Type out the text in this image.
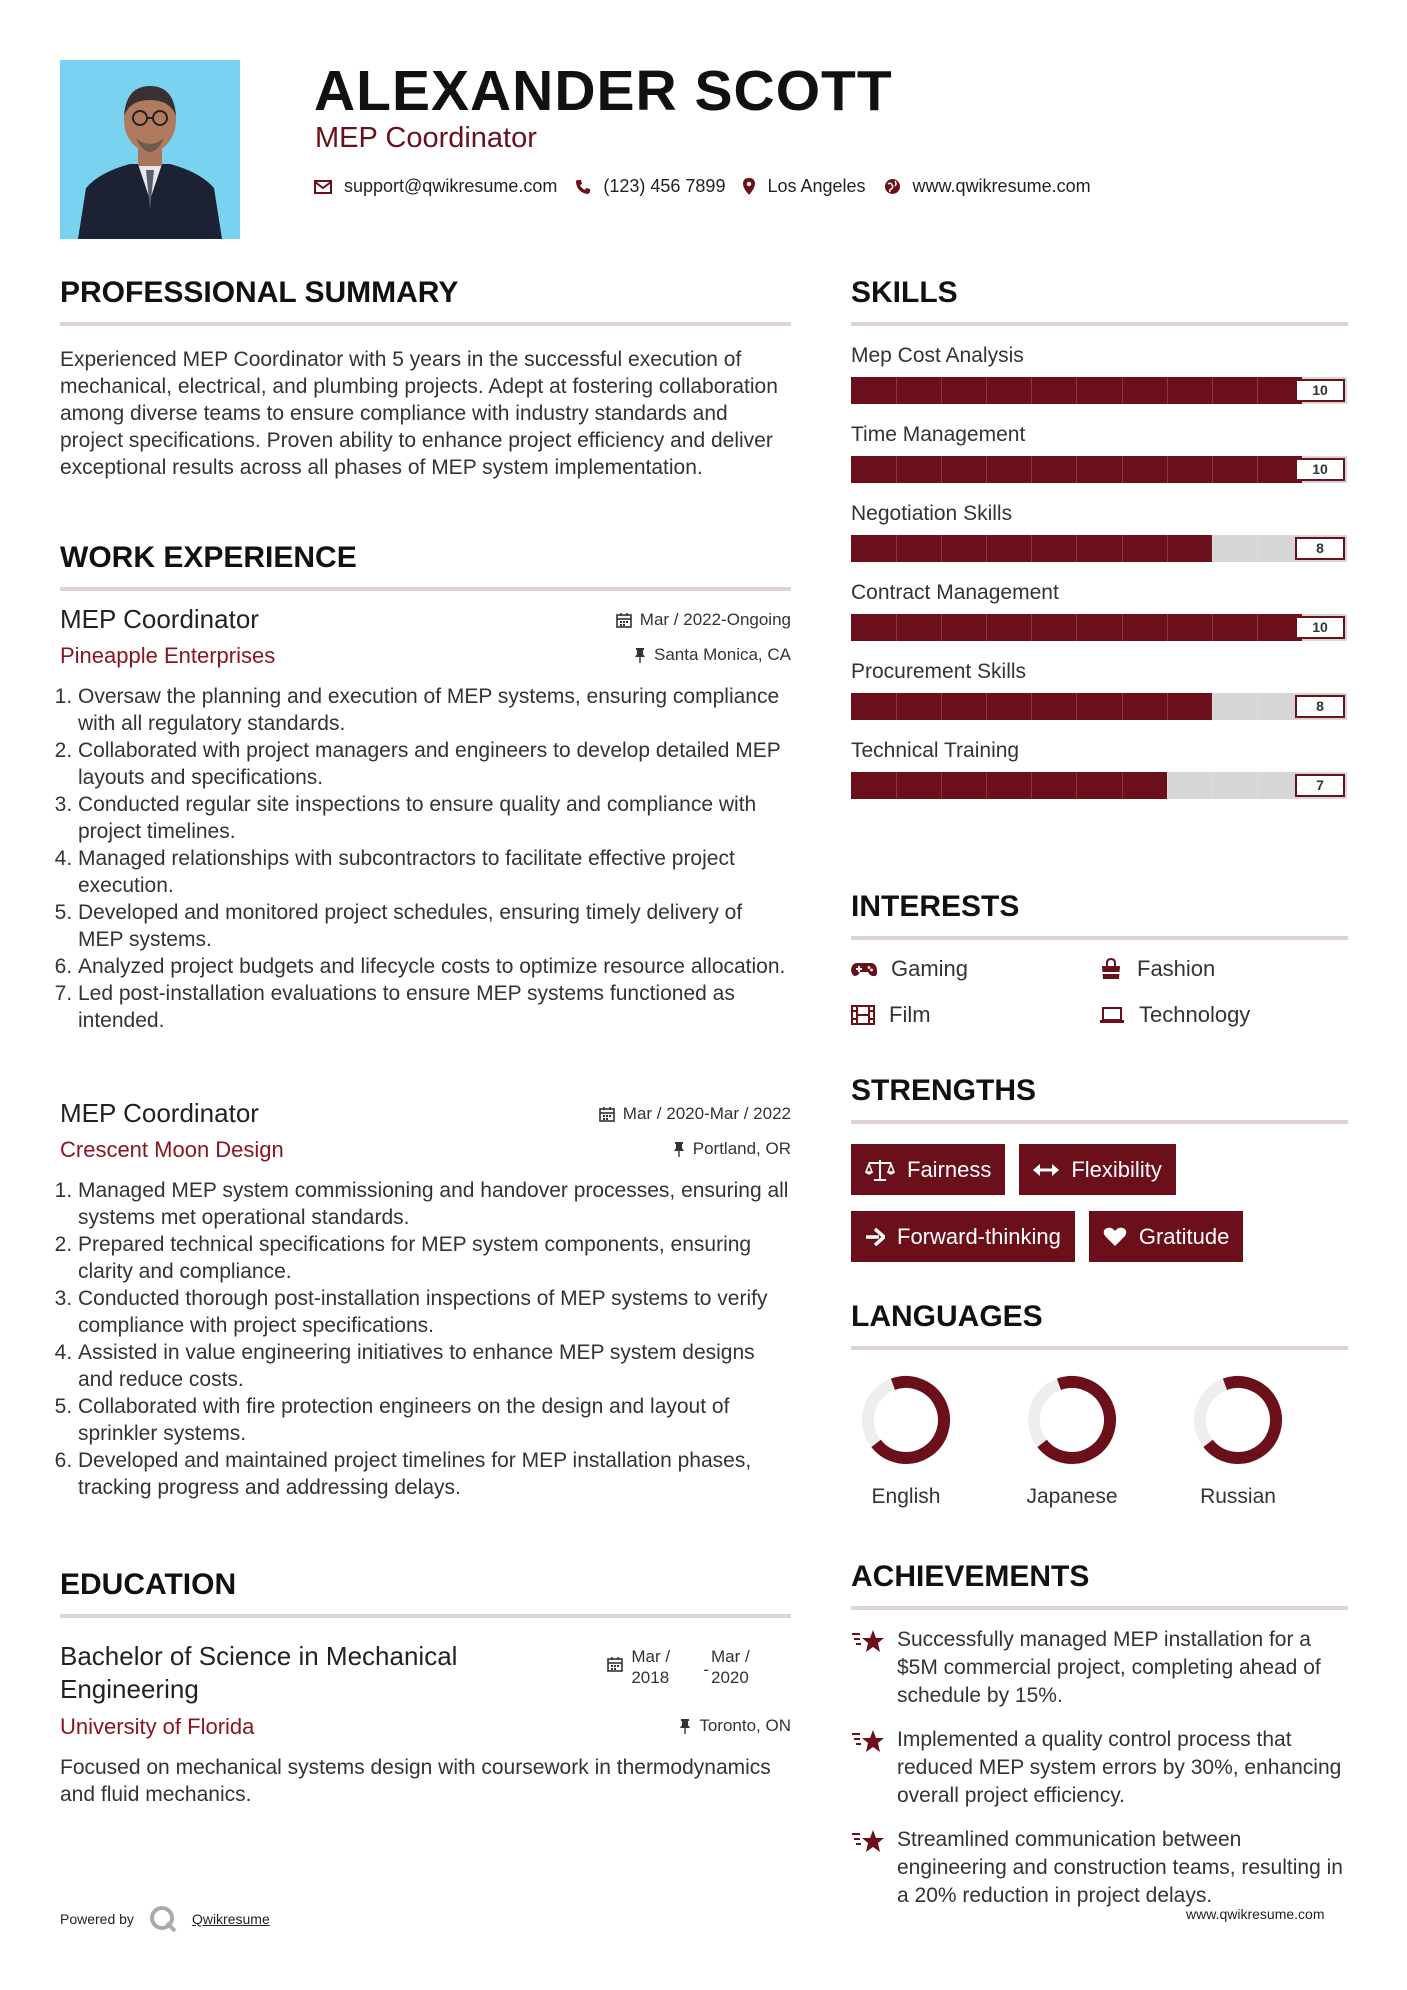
ALEXANDER SCOTT
MEP Coordinator
support@qwikresume.com	(123) 456 7899 Los Angeles	www.qwikresume.com
PROFESSIONAL SUMMARY
Experienced MEP Coordinator with 5 years in the successful execution of mechanical, electrical, and plumbing projects. Adept at fostering collaboration among diverse teams to ensure compliance with industry standards and project specifications. Proven ability to enhance project efficiency and deliver exceptional results across all phases of MEP system implementation.
WORK EXPERIENCE
MEP Coordinator	Mar / 2022-Ongoing
Pineapple Enterprises	Santa Monica, CA
1. Oversaw the planning and execution of MEP systems, ensuring compliance with all regulatory standards.
2. Collaborated with project managers and engineers to develop detailed MEP layouts and specifications.
3. Conducted regular site inspections to ensure quality and compliance with project timelines.
4. Managed relationships with subcontractors to facilitate effective project execution.
5. Developed and monitored project schedules, ensuring timely delivery of MEP systems.
6. Analyzed project budgets and lifecycle costs to optimize resource allocation.
7. Led post-installation evaluations to ensure MEP systems functioned as intended.
MEP Coordinator	Mar / 2020-Mar / 2022
Crescent Moon Design	Portland, OR
1. Managed MEP system commissioning and handover processes, ensuring all systems met operational standards.
2. Prepared technical specifications for MEP system components, ensuring clarity and compliance.
3. Conducted thorough post-installation inspections of MEP systems to verify compliance with project specifications.
4. Assisted in value engineering initiatives to enhance MEP system designs and reduce costs.
5. Collaborated with fire protection engineers on the design and layout of sprinkler systems.
6. Developed and maintained project timelines for MEP installation phases, tracking progress and addressing delays.
EDUCATION
Bachelor of Science in Mechanical Engineering
Mar / 2018	-
Mar / 2020
University of Florida	Toronto, ON
Focused on mechanical systems design with coursework in thermodynamics and fluid mechanics.
SKILLS
Mep Cost Analysis
10
Time Management
10
Negotiation Skills
8
Contract Management
10
Procurement Skills
8
Technical Training
7
INTERESTS
Gaming	Fashion
Film	Technology
STRENGTHS
Fairness	Flexibility
Forward-thinking	Gratitude
LANGUAGES
English	Japanese	Russian
ACHIEVEMENTS
Successfully managed MEP installation for a $5M commercial project, completing ahead of schedule by 15%.
Implemented a quality control process that reduced MEP system errors by 30%, enhancing overall project efficiency.
Streamlined communication between engineering and construction teams, resulting in a 20% reduction in project delays.
Powered by	Qwikresume	www.qwikresume.com
